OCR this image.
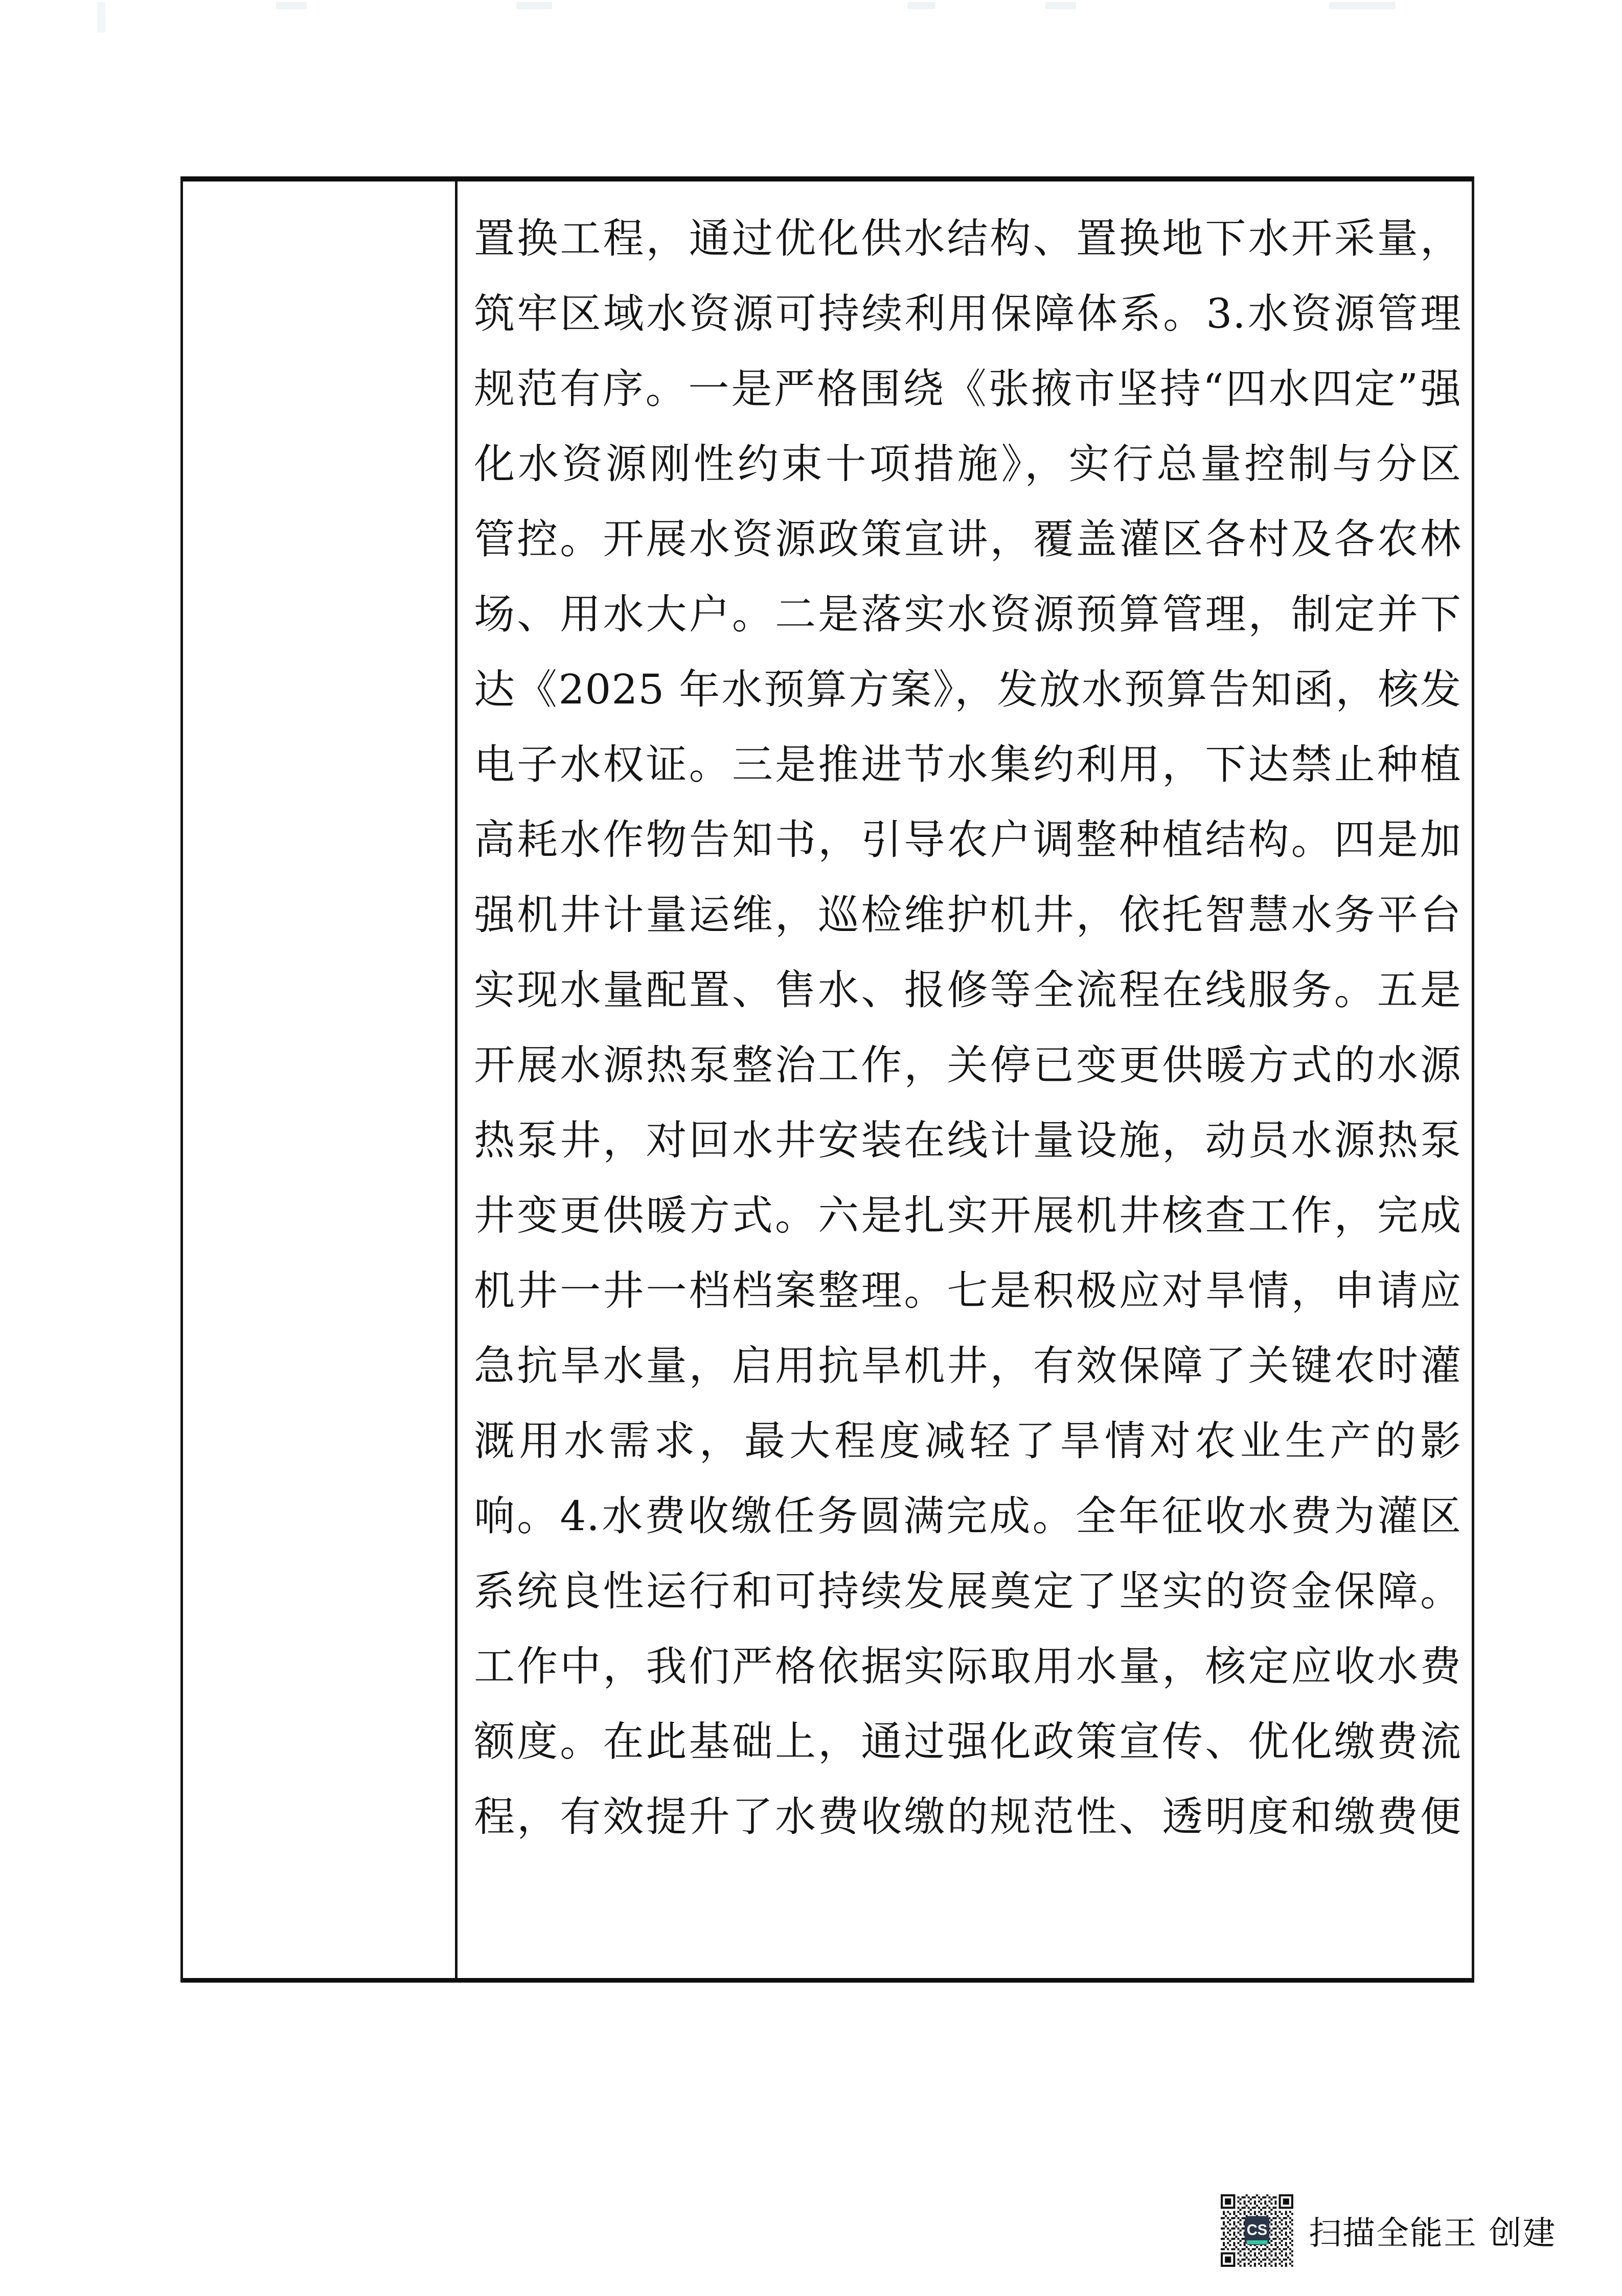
置换工程，通过优化供水结构、置换地下水开采量，
筑牢区域水资源可持续利用保障体系。3.水资源管理
规范有序。一是严格围绕《张掖市坚持“四水四定”强
化水资源刚性约束十项措施》，实行总量控制与分区
管控。开展水资源政策宣讲，覆盖灌区各村及各农林
场、用水大户。二是落实水资源预算管理，制定并下
达《2025 年水预算方案》，发放水预算告知函，核发
电子水权证。三是推进节水集约利用，下达禁止种植
高耗水作物告知书，引导农户调整种植结构。四是加
强机井计量运维，巡检维护机井，依托智慧水务平台
实现水量配置、售水、报修等全流程在线服务。五是
开展水源热泵整治工作，关停已变更供暖方式的水源
热泵井，对回水井安装在线计量设施，动员水源热泵
井变更供暖方式。六是扎实开展机井核查工作，完成
机井一井一档档案整理。七是积极应对旱情，申请应
急抗旱水量，启用抗旱机井，有效保障了关键农时灌
溉用水需求，最大程度减轻了旱情对农业生产的影
响。4.水费收缴任务圆满完成。全年征收水费为灌区
系统良性运行和可持续发展奠定了坚实的资金保障。
工作中，我们严格依据实际取用水量，核定应收水费
额度。在此基础上，通过强化政策宣传、优化缴费流
程，有效提升了水费收缴的规范性、透明度和缴费便
CS 扫描全能王 创建
